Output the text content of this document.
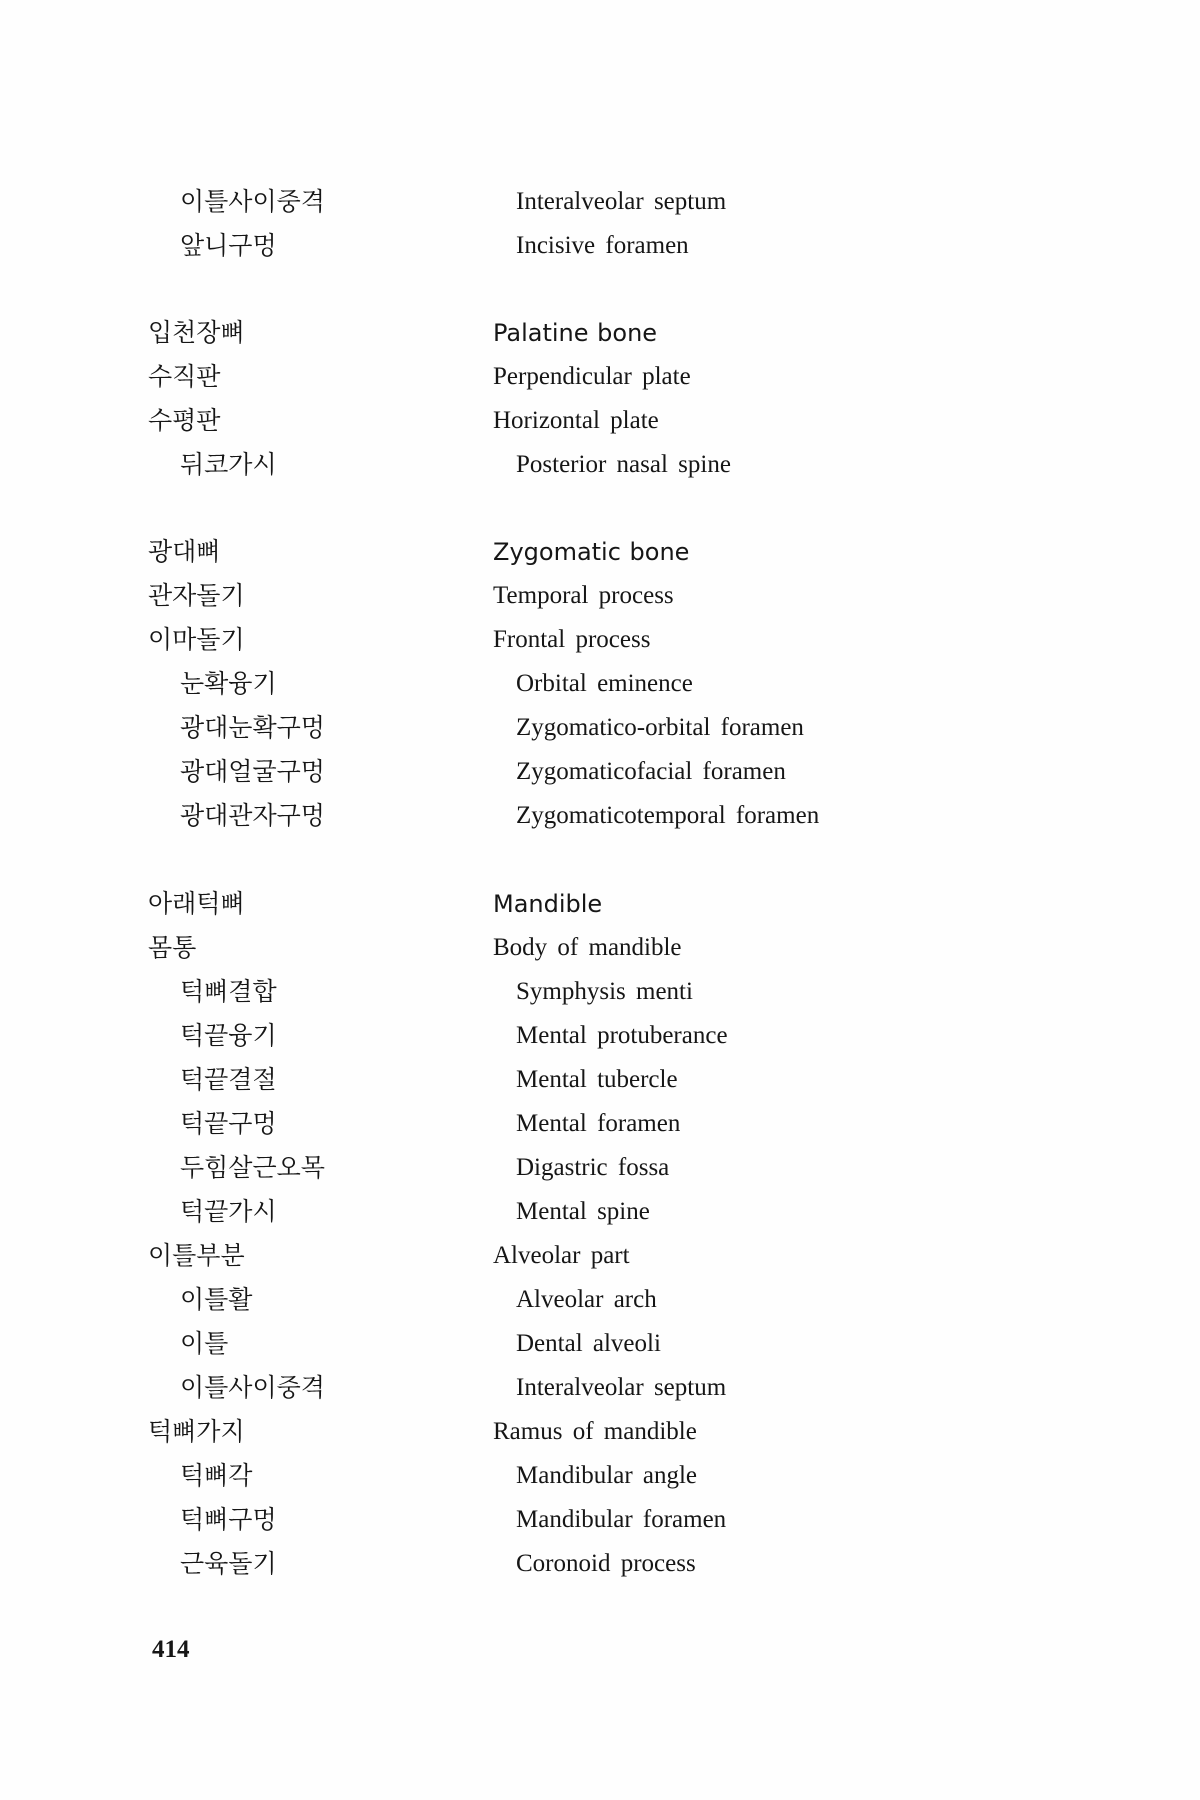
이틀사이중격	Interalveolar septum
앞니구멍	Incisive foramen
입천장뼈	Palatine bone
수직판	Perpendicular plate
수평판	Horizontal plate
뒤코가시	Posterior nasal spine
광대뼈	Zygomatic bone
관자돌기	Temporal process
이마돌기	Frontal process
눈확융기	Orbital eminence
광대눈확구멍	Zygomatico-orbital foramen
광대얼굴구멍	Zygomaticofacial foramen
광대관자구멍	Zygomaticotemporal foramen
아래턱뼈	Mandible
몸통	Body of mandible
턱뼈결합	Symphysis menti
턱끝융기	Mental protuberance
턱끝결절	Mental tubercle
턱끝구멍	Mental foramen
두힘살근오목	Digastric fossa
턱끝가시	Mental spine
이틀부분	Alveolar part
이틀활	Alveolar arch
이틀	Dental alveoli
이틀사이중격	Interalveolar septum
턱뼈가지	Ramus of mandible
턱뼈각	Mandibular angle
턱뼈구멍	Mandibular foramen
근육돌기	Coronoid process
414
